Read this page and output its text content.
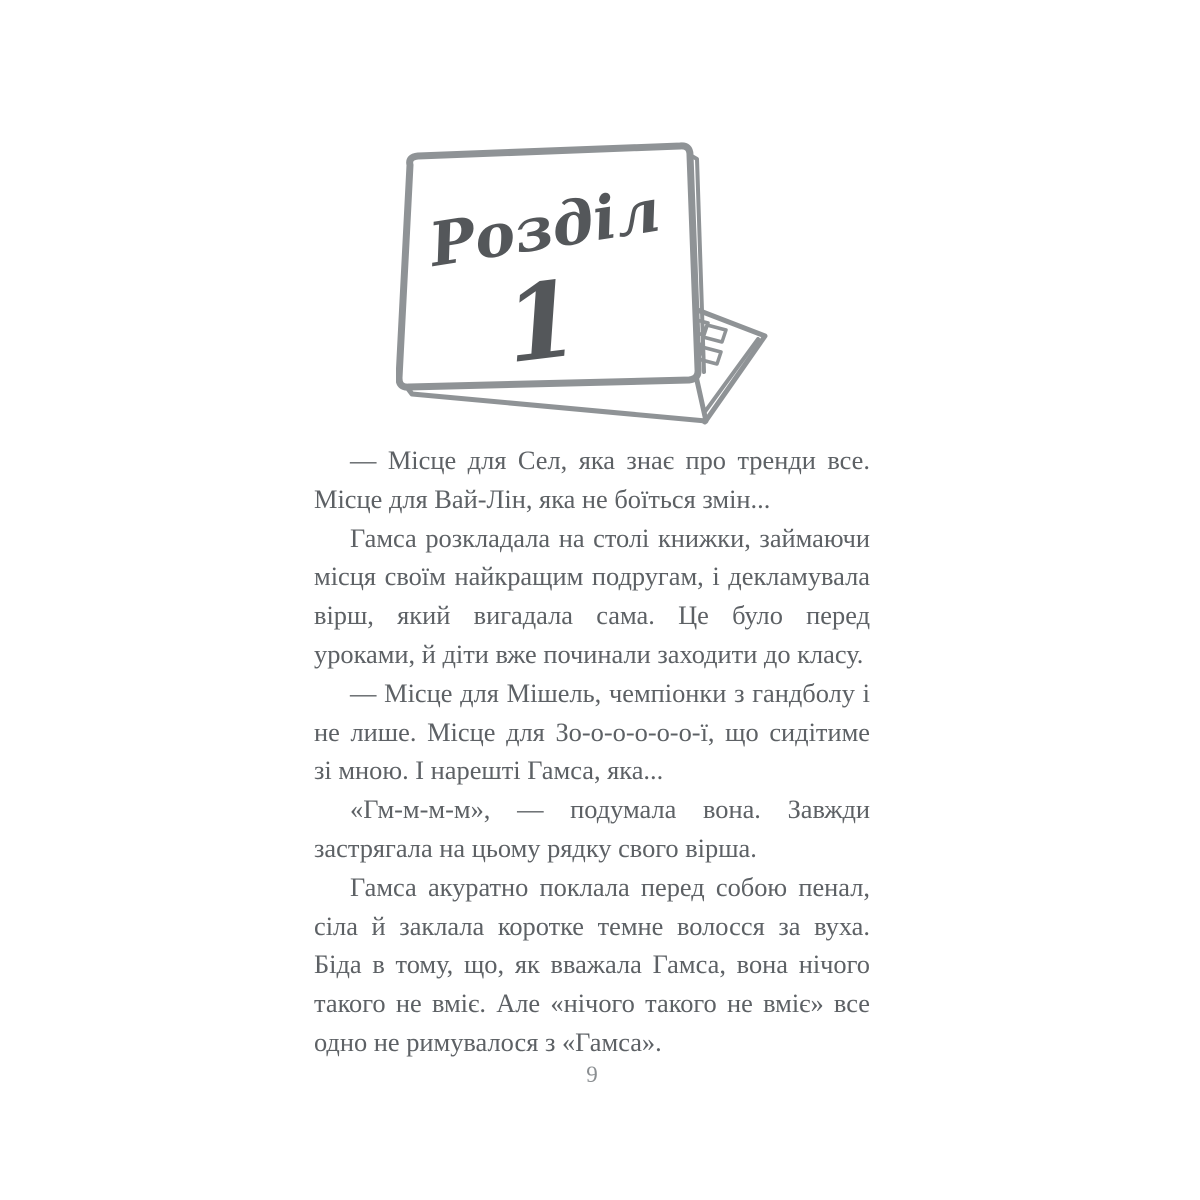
Розділ
1

— Місце для Сел, яка знає про тренди все. Місце для Вай-Лін, яка не боїться змін...

Гамса розкладала на столі книжки, займаючи місця своїм найкращим подругам, і декламувала вірш, який вигадала сама. Це було перед уроками, й діти вже починали заходити до класу.

— Місце для Мішель, чемпіонки з гандболу і не лише. Місце для Зо-о-о-о-о-о-ї, що сидітиме зі мною. І нарешті Гамса, яка...

«Гм-м-м-м», — подумала вона. Завжди застрягала на цьому рядку свого вірша.

Гамса акуратно поклала перед собою пенал, сіла й заклала коротке темне волосся за вуха. Біда в тому, що, як вважала Гамса, вона нічого такого не вміє. Але «нічого такого не вміє» все одно не римувалося з «Гамса».

9
